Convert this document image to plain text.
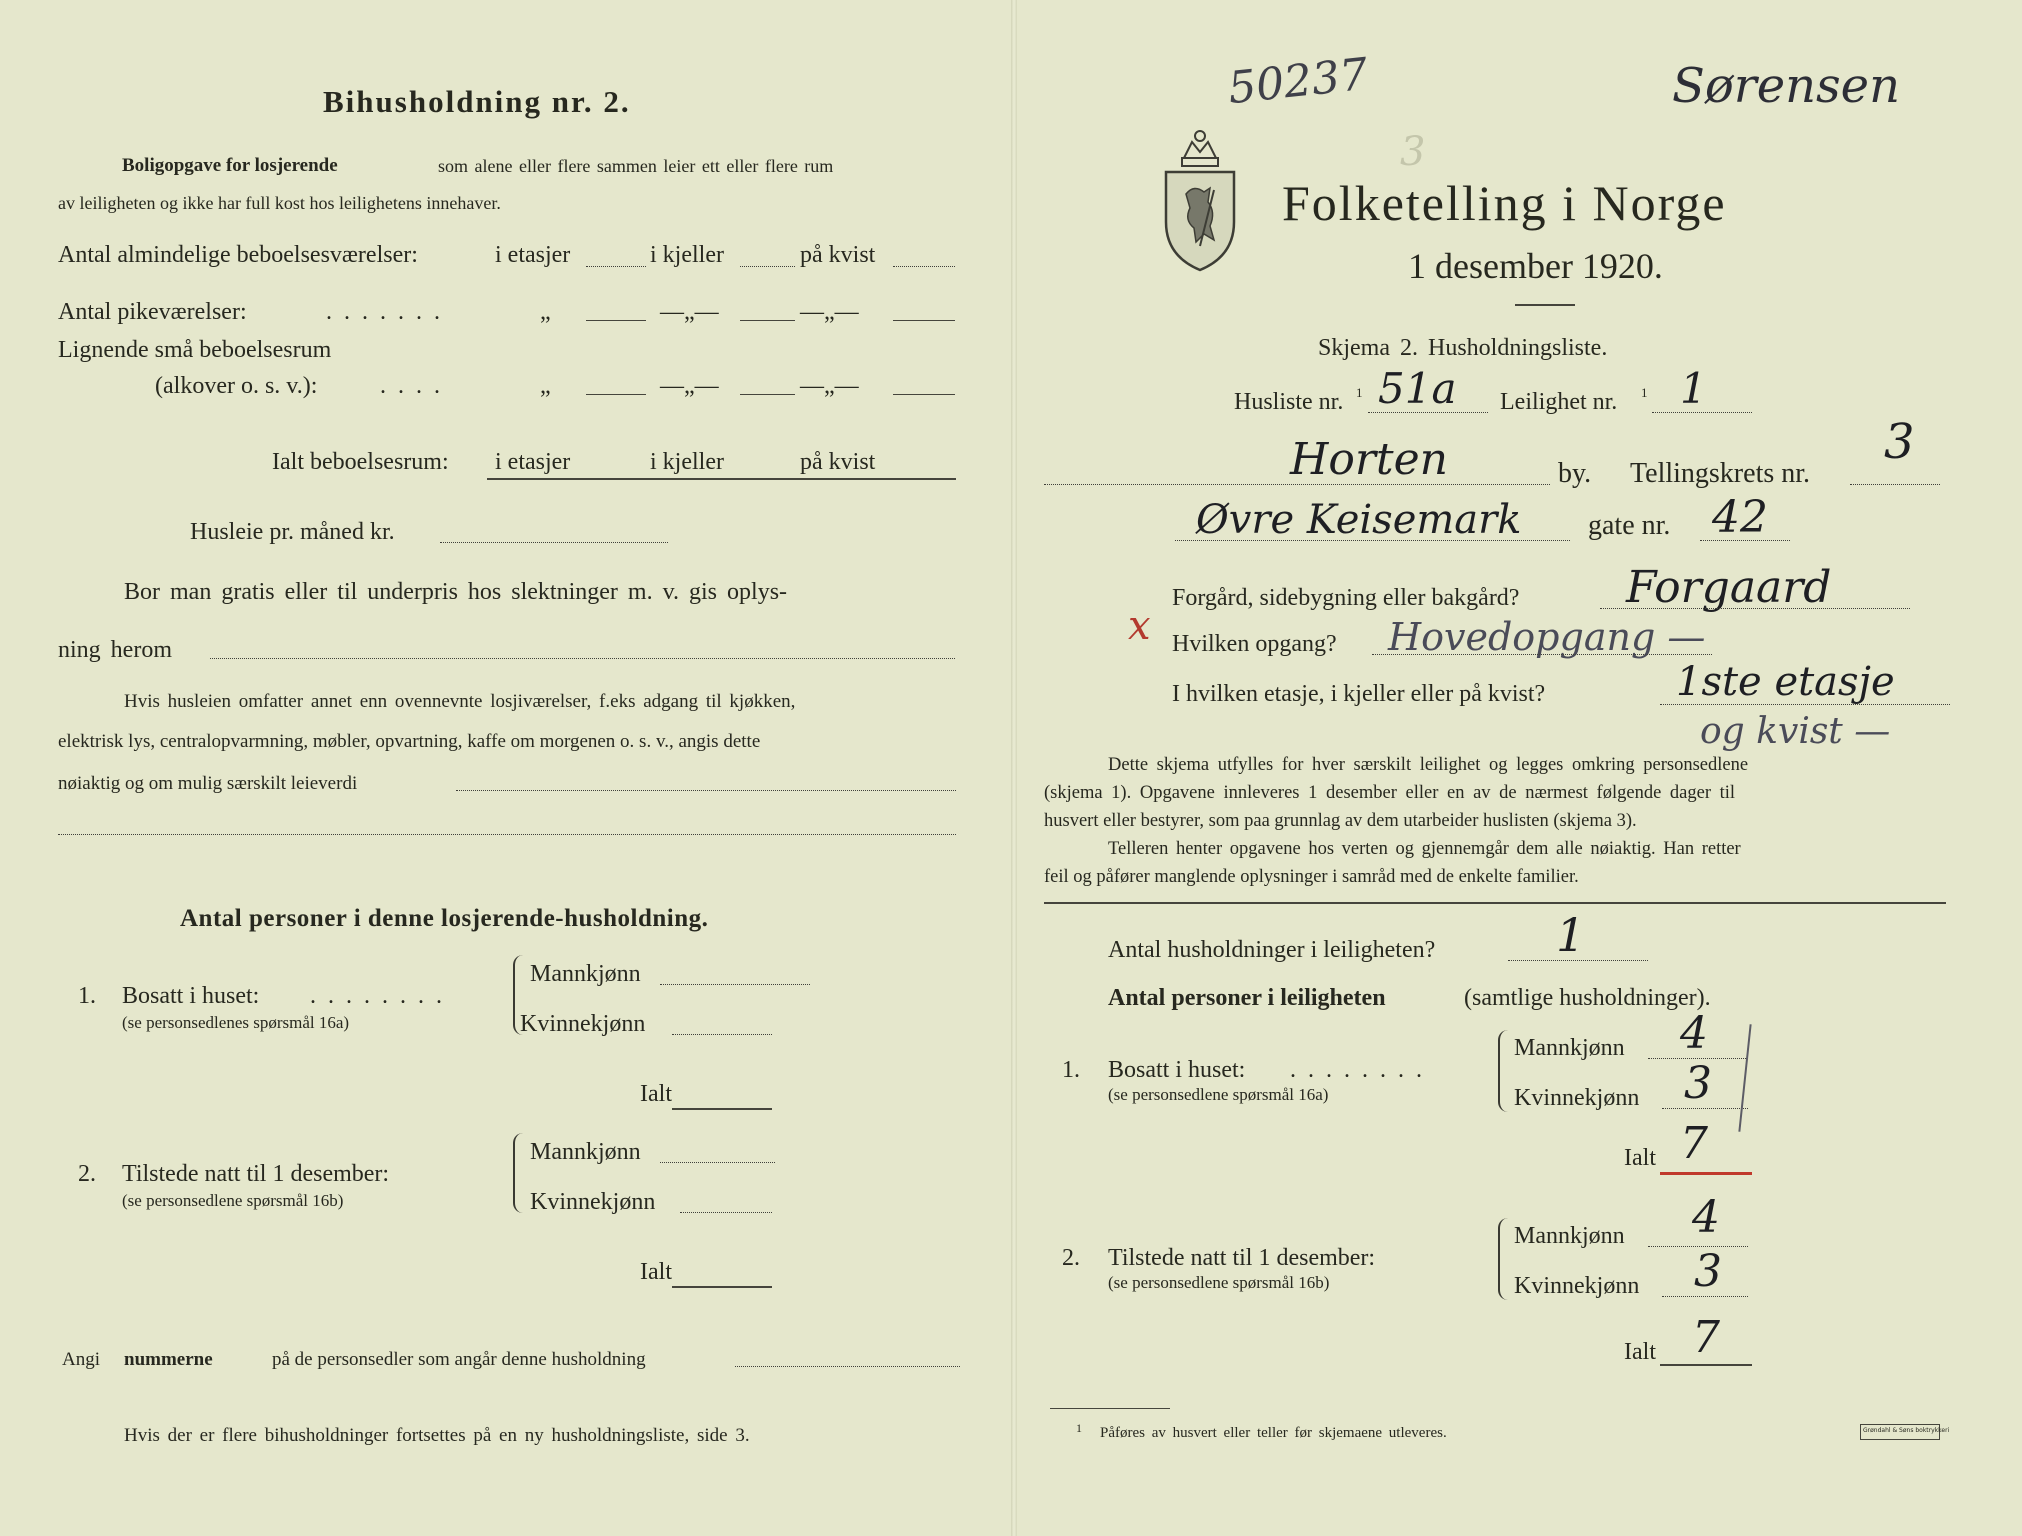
Bihusholdning nr. 2.
Boligopgave for losjerende	som alene eller flere sammen leier ett eller flere rum
av leiligheten og ikke har full kost hos leilighetens innehaver.
Antal almindelige beboelsesværelser:	i etasjer	i kjeller	på kvist
Antal pikeværelser:	. . . . . . .	„	—„—	—„—
Lignende små beboelsesrum
(alkover o. s. v.):	. . . .	„	—„—	—„—
Ialt beboelsesrum: i etasjer	i kjeller	på kvist
Husleie pr. måned kr.
Bor man gratis eller til underpris hos slektninger m. v. gis oplys-
ning herom
Hvis husleien omfatter annet enn ovennevnte losjiværelser, f.eks adgang til kjøkken,
elektrisk lys, centralopvarmning, møbler, opvartning, kaffe om morgenen o. s. v., angis dette
nøiaktig og om mulig særskilt leieverdi
Antal personer i denne losjerende-husholdning.
1. Bosatt i huset: . . . . . . . .
(se personsedlenes spørsmål 16a)
Mannkjønn
Kvinnekjønn
Ialt
2. Tilstede natt til 1 desember:
(se personsedlene spørsmål 16b)
Mannkjønn
Kvinnekjønn
Ialt
Angi nummerne	på de personsedler som angår denne husholdning
Hvis der er flere bihusholdninger fortsettes på en ny husholdningsliste, side 3.
50237	Sørensen
3
Folketelling i Norge
1 desember 1920.
Skjema 2. Husholdningsliste.
Husliste nr. 1 51a Leilighet nr. 1 1
Horten	by. Tellingskrets nr.
3
Øvre Keisemark gate nr. 42
Forgård, sidebygning eller bakgård? Forgaard
x Hvilken opgang? Hovedopgang —
I hvilken etasje, i kjeller eller på kvist?	1ste etasje
og kvist —
Dette skjema utfylles for hver særskilt leilighet og legges omkring personsedlene
(skjema 1). Opgavene innleveres 1 desember eller en av de nærmest følgende dager til
husvert eller bestyrer, som paa grunnlag av dem utarbeider huslisten (skjema 3).
Telleren henter opgavene hos verten og gjennemgår dem alle nøiaktig. Han retter
feil og påfører manglende oplysninger i samråd med de enkelte familier.
Antal husholdninger i leiligheten?	1
Antal personer i leiligheten	(samtlige husholdninger).
1. Bosatt i huset: . . . . . . . .
(se personsedlene spørsmål 16a)
Mannkjønn 4
Kvinnekjønn 3
Ialt 7
2. Tilstede natt til 1 desember:
(se personsedlene spørsmål 16b)
Mannkjønn 4
Kvinnekjønn 3
Ialt 7
1 Påføres av husvert eller teller før skjemaene utleveres.	Grøndahl & Søns boktrykkeri
